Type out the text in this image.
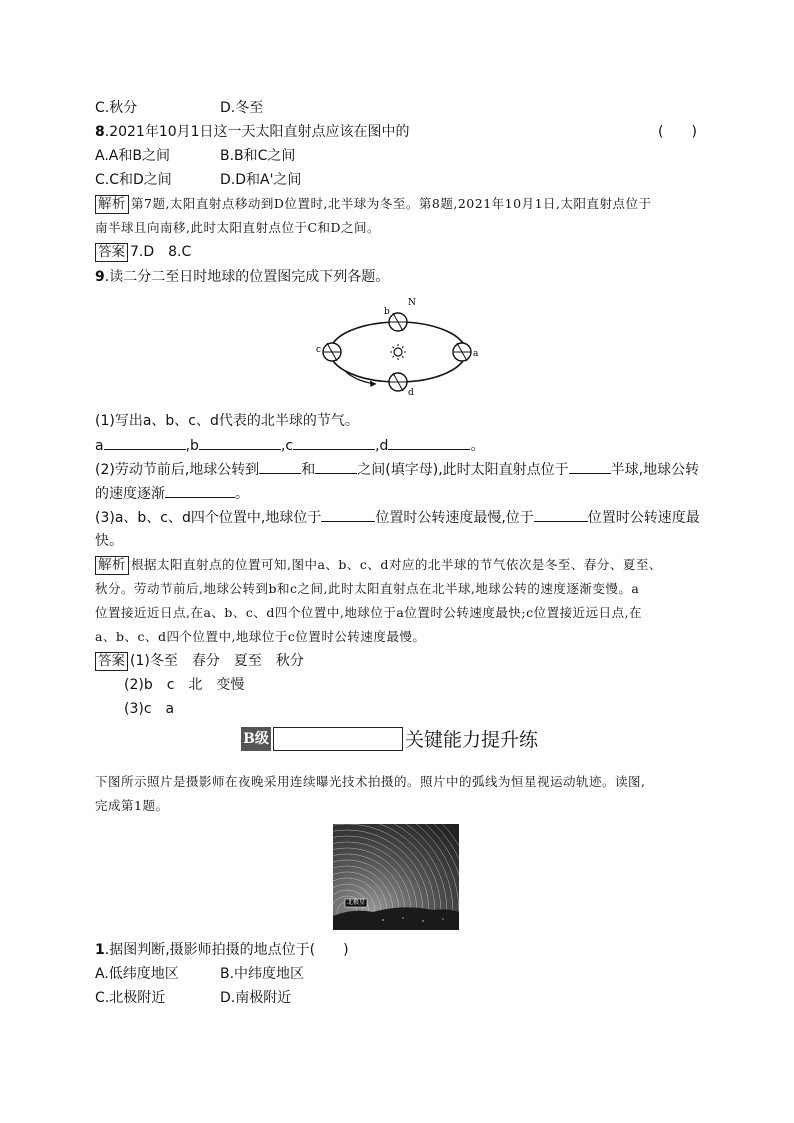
C.秋分	D.冬至
8.2021年10月1日这一天太阳直射点应该在图中的	(　　)
A.A和B之间	B.B和C之间
C.C和D之间	D.D和A'之间
解析 第7题,太阳直射点移动到D位置时,北半球为冬至。第8题,2021年10月1日,太阳直射点位于
南半球且向南移,此时太阳直射点位于C和D之间。
答案 7.D　8.C
9.读二分二至日时地球的位置图完成下列各题。
N
b
c	a
d
(1)写出a、b、c、d代表的北半球的节气。
a	,b	,c	,d	。
(2)劳动节前后,地球公转到	和	之间(填字母),此时太阳直射点位于	半球,地球公转
的速度逐渐	。
(3)a、b、c、d四个位置中,地球位于	位置时公转速度最慢,位于	位置时公转速度最
快。
解析 根据太阳直射点的位置可知,图中a、b、c、d对应的北半球的节气依次是冬至、春分、夏至、
秋分。劳动节前后,地球公转到b和c之间,此时太阳直射点在北半球,地球公转的速度逐渐变慢。a
位置接近近日点,在a、b、c、d四个位置中,地球位于a位置时公转速度最快;c位置接近远日点,在
a、b、c、d四个位置中,地球位于c位置时公转速度最慢。
答案 (1)冬至　春分　夏至　秋分
(2)b　c　北　变慢
(3)c　a
B级	关键能力提升练
下图所示照片是摄影师在夜晚采用连续曝光技术拍摄的。照片中的弧线为恒星视运动轨迹。读图,
完成第1题。
北极星
1.据图判断,摄影师拍摄的地点位于(　　)
A.低纬度地区	B.中纬度地区
C.北极附近	D.南极附近
